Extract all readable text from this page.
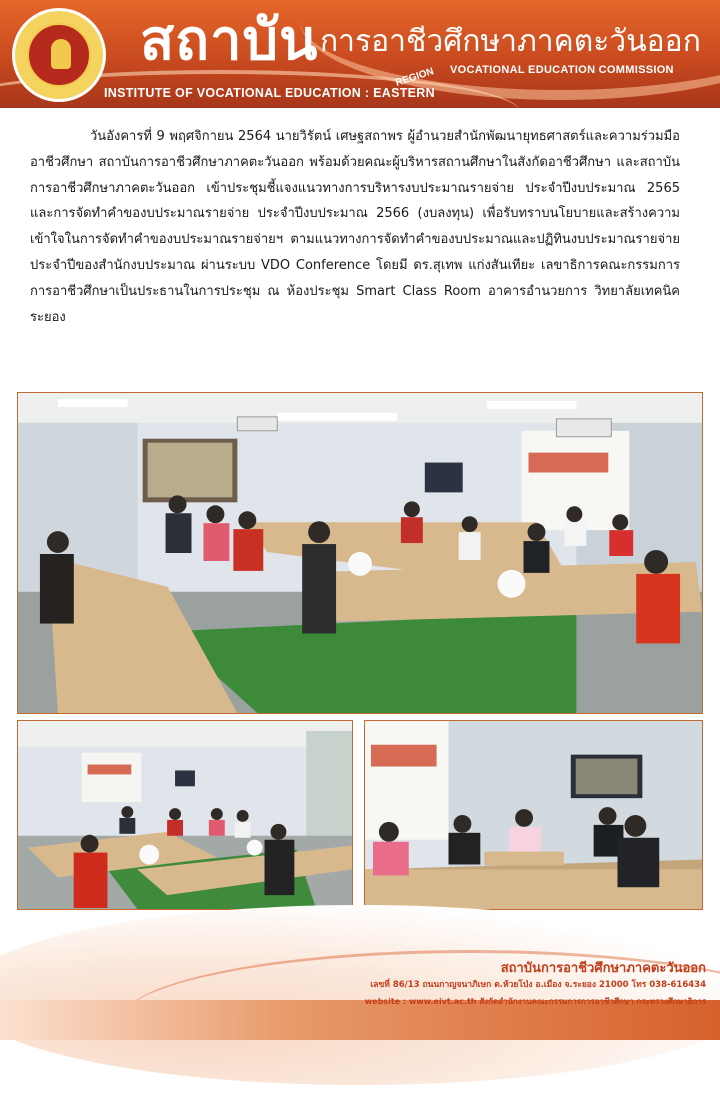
สถาบัน การอาชีวศึกษาภาคตะวันออก
VOCATIONAL EDUCATION COMMISSION
REGION
INSTITUTE OF VOCATIONAL EDUCATION : EASTERN

วันอังคารที่ 9 พฤศจิกายน 2564 นายวิรัตน์ เศษฐสถาพร ผู้อำนวยสำนักพัฒนายุทธศาสตร์และความร่วมมืออาชีวศึกษา สถาบันการอาชีวศึกษาภาคตะวันออก พร้อมด้วยคณะผู้บริหารสถานศึกษาในสังกัดอาชีวศึกษา และสถาบันการอาชีวศึกษาภาคตะวันออก เข้าประชุมชี้แจงแนวทางการบริหารงบประมาณรายจ่าย ประจำปีงบประมาณ 2565 และการจัดทำคำของบประมาณรายจ่าย ประจำปีงบประมาณ 2566 (งบลงทุน) เพื่อรับทราบนโยบายและสร้างความเข้าใจในการจัดทำคำของบประมาณรายจ่ายฯ ตามแนวทางการจัดทำคำของบประมาณและปฏิทินงบประมาณรายจ่ายประจำปีของสำนักงบประมาณ ผ่านระบบ VDO Conference โดยมี ดร.สุเทพ แก่งสันเทียะ เลขาธิการคณะกรรมการการอาชีวศึกษาเป็นประธานในการประชุม ณ ห้องประชุม Smart Class Room อาคารอำนวยการ วิทยาลัยเทคนิคระยอง

สถาบันการอาชีวศึกษาภาคตะวันออก
เลขที่ 86/13 ถนนกาญจนาภิเษก ต.ห้วยโป่ง อ.เมือง จ.ระยอง 21000 โทร 038-616434
website : www.eivt.ac.th สังกัดสำนักงานคณะกรรมการการอาชีวศึกษา กระทรวงศึกษาธิการ
